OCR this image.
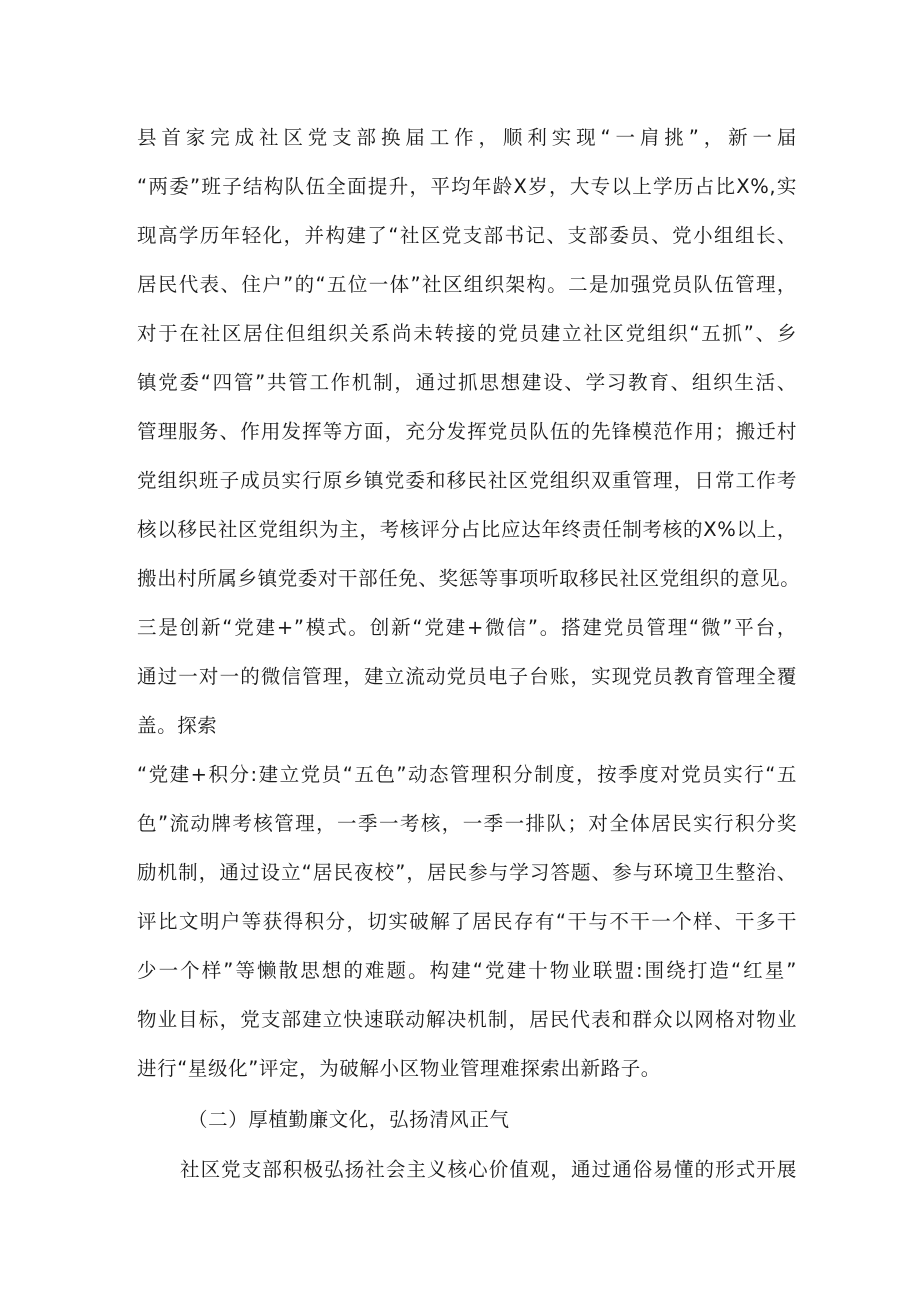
县首家完成社区党支部换届工作，顺利实现“一肩挑”，新一届
“两委”班子结构队伍全面提升，平均年龄X岁，大专以上学历占比X%,实
现高学历年轻化，并构建了“社区党支部书记、支部委员、党小组组长、
居民代表、住户”的“五位一体”社区组织架构。二是加强党员队伍管理，
对于在社区居住但组织关系尚未转接的党员建立社区党组织“五抓”、乡
镇党委“四管”共管工作机制，通过抓思想建设、学习教育、组织生活、
管理服务、作用发挥等方面，充分发挥党员队伍的先锋模范作用；搬迁村
党组织班子成员实行原乡镇党委和移民社区党组织双重管理，日常工作考
核以移民社区党组织为主，考核评分占比应达年终责任制考核的X%以上，
搬出村所属乡镇党委对干部任免、奖惩等事项听取移民社区党组织的意见。
三是创新“党建+”模式。创新“党建+微信”。搭建党员管理“微”平台，
通过一对一的微信管理，建立流动党员电子台账，实现党员教育管理全覆
盖。探索
“党建+积分:建立党员“五色”动态管理积分制度，按季度对党员实行“五
色”流动牌考核管理，一季一考核，一季一排队；对全体居民实行积分奖
励机制，通过设立“居民夜校”，居民参与学习答题、参与环境卫生整治、
评比文明户等获得积分，切实破解了居民存有“干与不干一个样、干多干
少一个样”等懒散思想的难题。构建“党建十物业联盟:围绕打造“红星”
物业目标，党支部建立快速联动解决机制，居民代表和群众以网格对物业
进行“星级化”评定，为破解小区物业管理难探索出新路子。
（二）厚植勤廉文化，弘扬清风正气
社区党支部积极弘扬社会主义核心价值观，通过通俗易懂的形式开展
